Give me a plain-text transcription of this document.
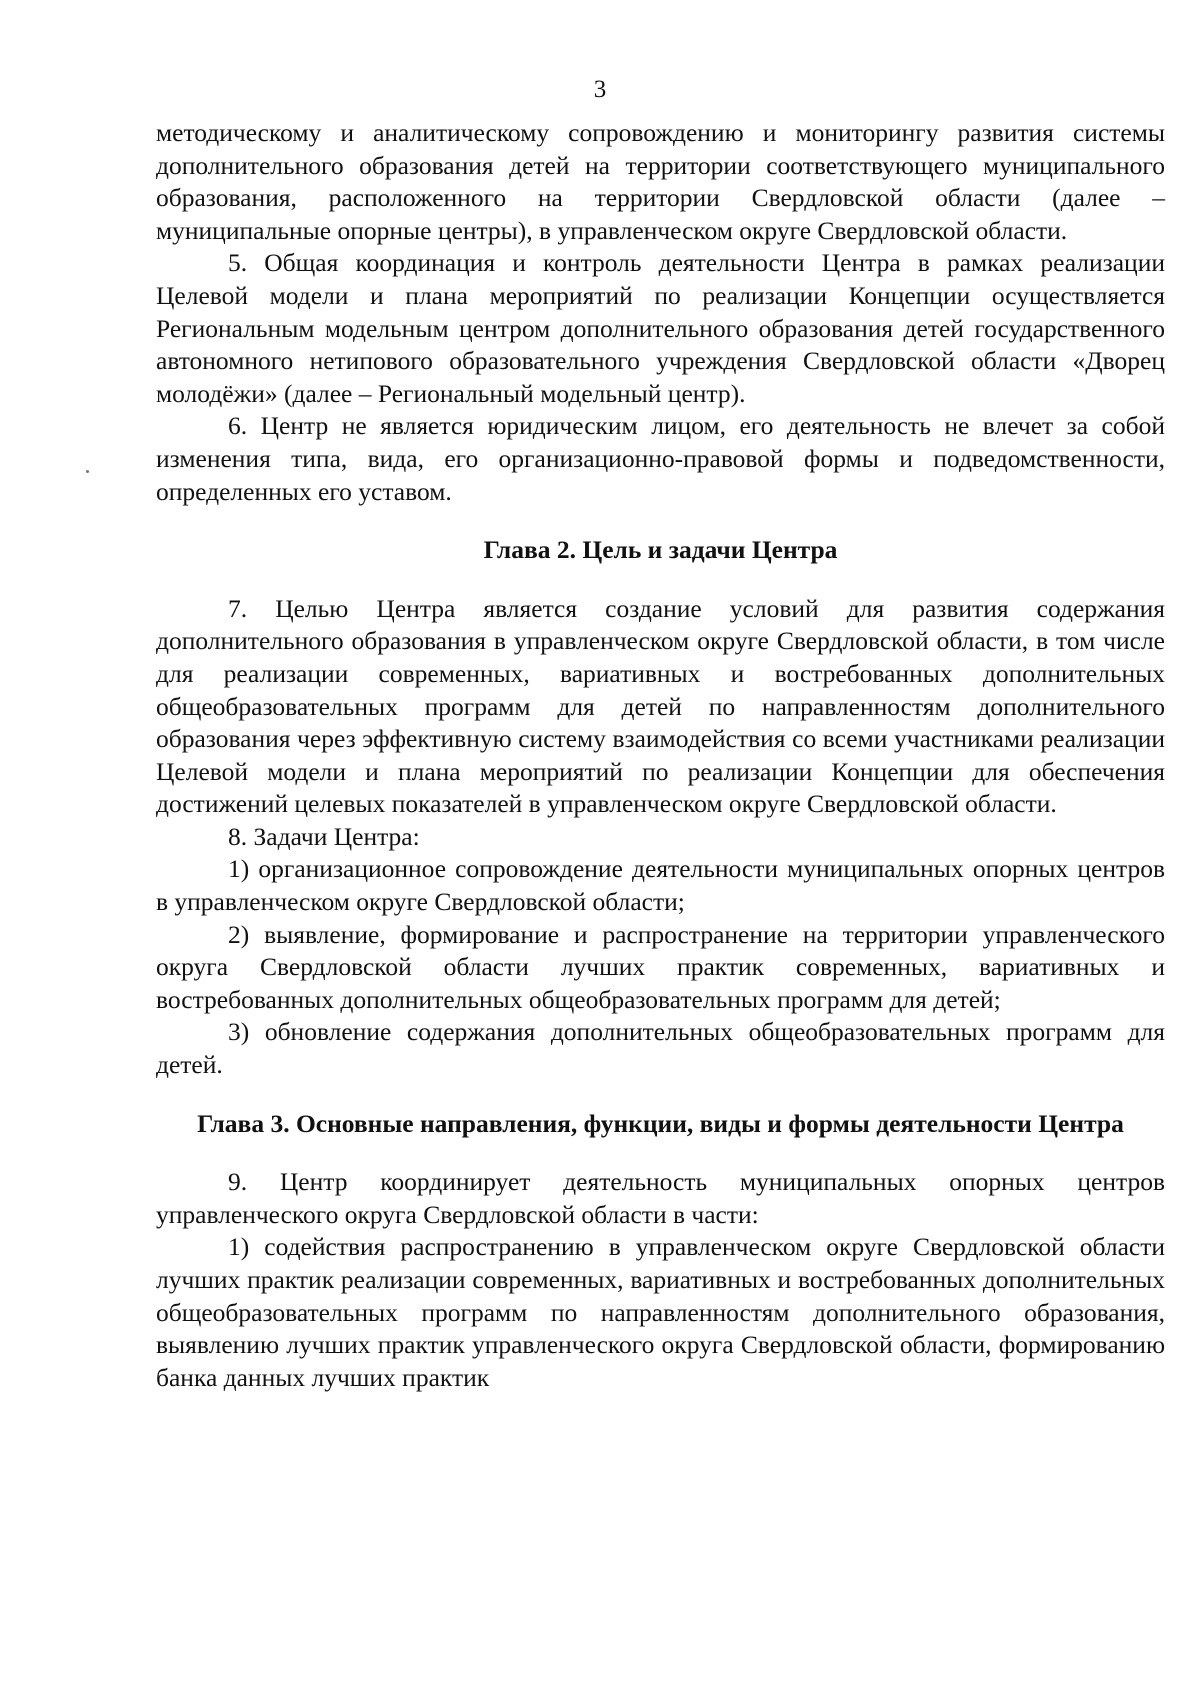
3

методическому и аналитическому сопровождению и мониторингу развития системы дополнительного образования детей на территории соответствующего муниципального образования, расположенного на территории Свердловской области (далее – муниципальные опорные центры), в управленческом округе Свердловской области.

5. Общая координация и контроль деятельности Центра в рамках реализации Целевой модели и плана мероприятий по реализации Концепции осуществляется Региональным модельным центром дополнительного образования детей государственного автономного нетипового образовательного учреждения Свердловской области «Дворец молодёжи» (далее – Региональный модельный центр).

6. Центр не является юридическим лицом, его деятельность не влечет за собой изменения типа, вида, его организационно-правовой формы и подведомственности, определенных его уставом.

Глава 2. Цель и задачи Центра

7. Целью Центра является создание условий для развития содержания дополнительного образования в управленческом округе Свердловской области, в том числе для реализации современных, вариативных и востребованных дополнительных общеобразовательных программ для детей по направленностям дополнительного образования через эффективную систему взаимодействия со всеми участниками реализации Целевой модели и плана мероприятий по реализации Концепции для обеспечения достижений целевых показателей в управленческом округе Свердловской области.

8. Задачи Центра:

1) организационное сопровождение деятельности муниципальных опорных центров в управленческом округе Свердловской области;

2) выявление, формирование и распространение на территории управленческого округа Свердловской области лучших практик современных, вариативных и востребованных дополнительных общеобразовательных программ для детей;

3) обновление содержания дополнительных общеобразовательных программ для детей.

Глава 3. Основные направления, функции, виды и формы деятельности Центра

9. Центр координирует деятельность муниципальных опорных центров управленческого округа Свердловской области в части:

1) содействия распространению в управленческом округе Свердловской области лучших практик реализации современных, вариативных и востребованных дополнительных общеобразовательных программ по направленностям дополнительного образования, выявлению лучших практик управленческого округа Свердловской области, формированию банка данных лучших практик
